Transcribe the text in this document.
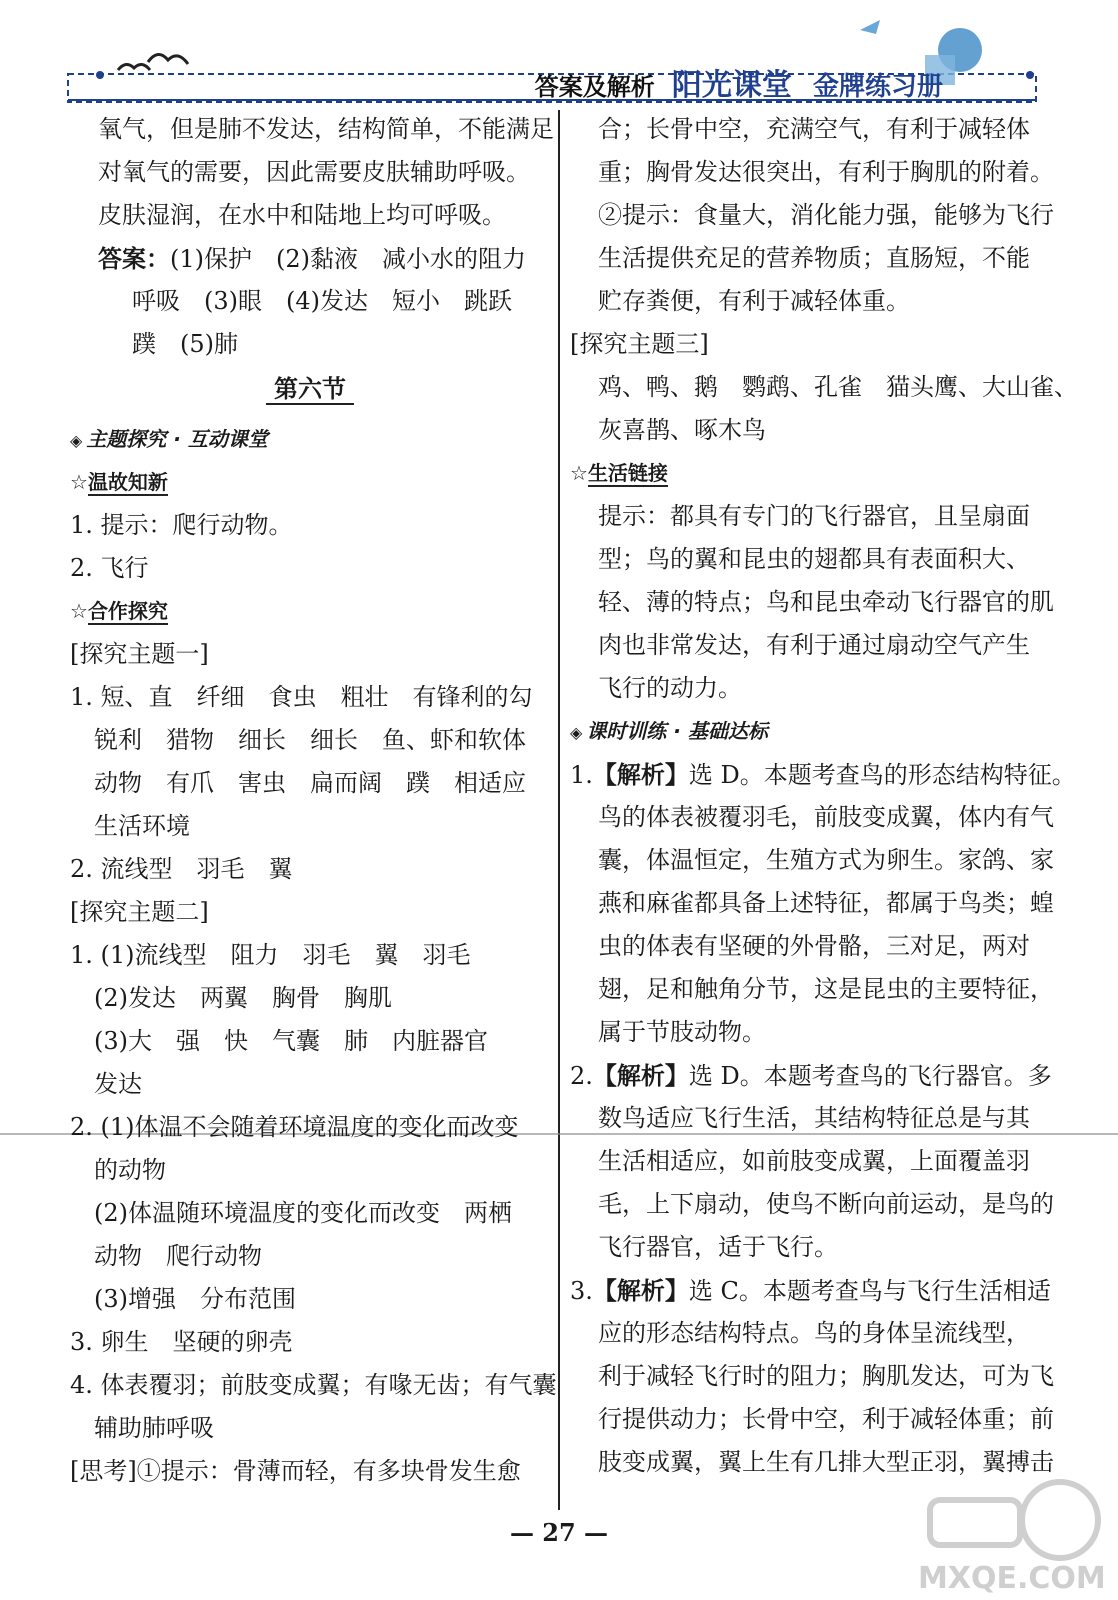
答案及解析 阳光课堂 金牌练习册
氧气，但是肺不发达，结构简单，不能满足
对氧气的需要，因此需要皮肤辅助呼吸。
皮肤湿润，在水中和陆地上均可呼吸。
答案：(1)保护　(2)黏液　减小水的阻力
呼吸　(3)眼　(4)发达　短小　跳跃
蹼　(5)肺
第六节
◈ 主题探究 · 互动课堂
☆温故知新
1. 提示：爬行动物。
2. 飞行
☆合作探究
[探究主题一]
1. 短、直　纤细　食虫　粗壮　有锋利的勾
锐利　猎物　细长　细长　鱼、虾和软体
动物　有爪　害虫　扁而阔　蹼　相适应
生活环境
2. 流线型　羽毛　翼
[探究主题二]
1. (1)流线型　阻力　羽毛　翼　羽毛
(2)发达　两翼　胸骨　胸肌
(3)大　强　快　气囊　肺　内脏器官
发达
2. (1)体温不会随着环境温度的变化而改变
的动物
(2)体温随环境温度的变化而改变　两栖
动物　爬行动物
(3)增强　分布范围
3. 卵生　坚硬的卵壳
4. 体表覆羽；前肢变成翼；有喙无齿；有气囊
辅助肺呼吸
[思考]①提示：骨薄而轻，有多块骨发生愈
合；长骨中空，充满空气，有利于减轻体
重；胸骨发达很突出，有利于胸肌的附着。
②提示：食量大，消化能力强，能够为飞行
生活提供充足的营养物质；直肠短，不能
贮存粪便，有利于减轻体重。
[探究主题三]
鸡、鸭、鹅　鹦鹉、孔雀　猫头鹰、大山雀、
灰喜鹊、啄木鸟
☆生活链接
提示：都具有专门的飞行器官，且呈扇面
型；鸟的翼和昆虫的翅都具有表面积大、
轻、薄的特点；鸟和昆虫牵动飞行器官的肌
肉也非常发达，有利于通过扇动空气产生
飞行的动力。
◈ 课时训练 · 基础达标
1.【解析】选 D。本题考查鸟的形态结构特征。
鸟的体表被覆羽毛，前肢变成翼，体内有气
囊，体温恒定，生殖方式为卵生。家鸽、家
燕和麻雀都具备上述特征，都属于鸟类；蝗
虫的体表有坚硬的外骨骼，三对足，两对
翅，足和触角分节，这是昆虫的主要特征，
属于节肢动物。
2.【解析】选 D。本题考查鸟的飞行器官。多
数鸟适应飞行生活，其结构特征总是与其
生活相适应，如前肢变成翼，上面覆盖羽
毛，上下扇动，使鸟不断向前运动，是鸟的
飞行器官，适于飞行。
3.【解析】选 C。本题考查鸟与飞行生活相适
应的形态结构特点。鸟的身体呈流线型，
利于减轻飞行时的阻力；胸肌发达，可为飞
行提供动力；长骨中空，利于减轻体重；前
肢变成翼，翼上生有几排大型正羽，翼搏击
— 27 —
MXQE.COM
